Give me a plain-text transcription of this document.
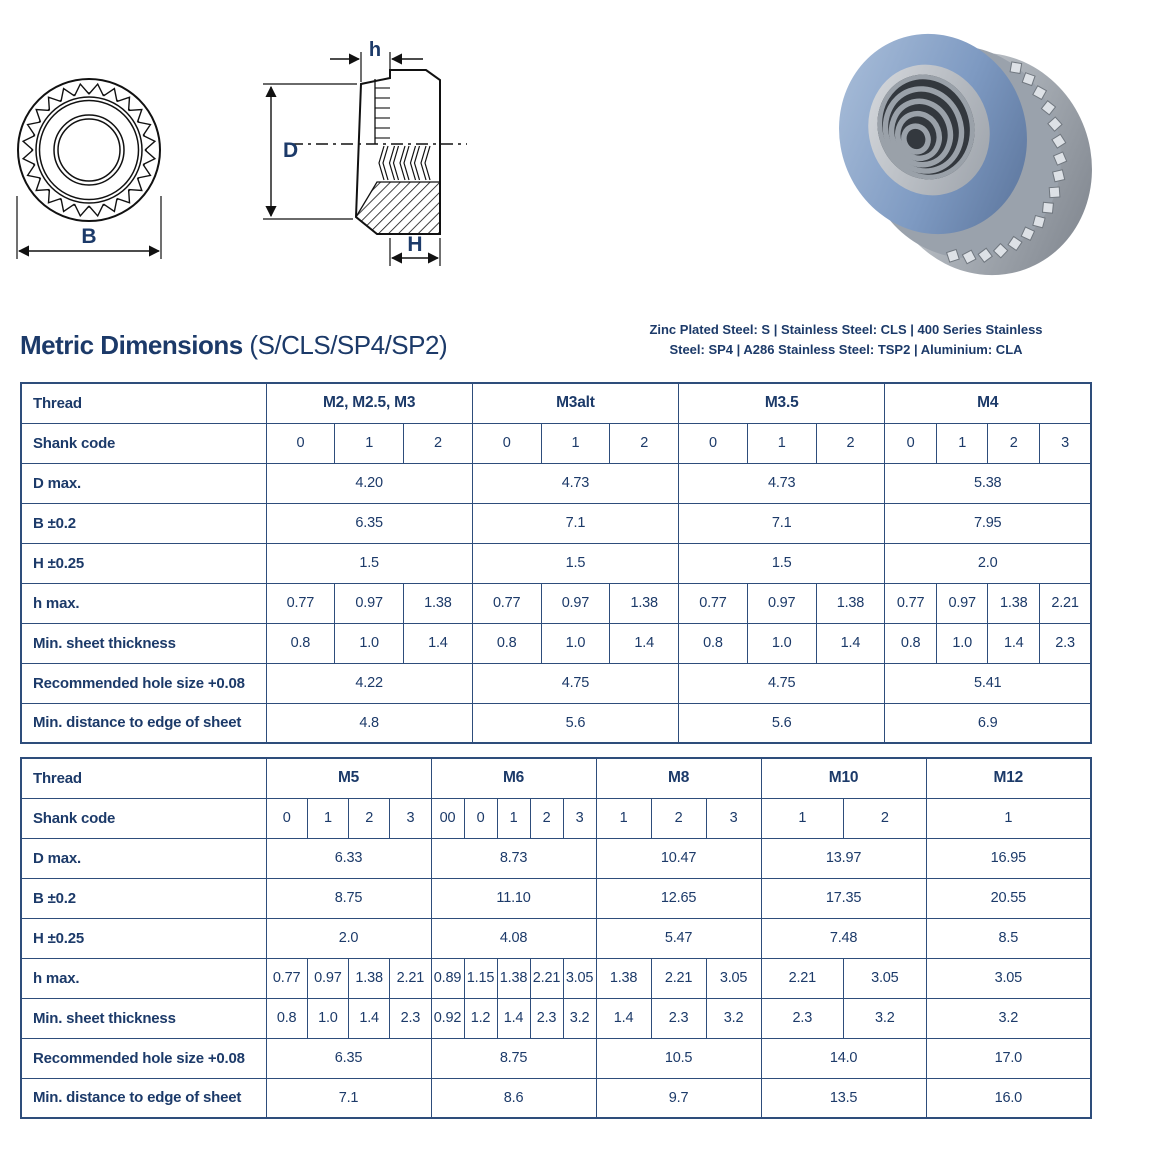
B
D
h
H
Metric Dimensions (S/CLS/SP4/SP2)
Zinc Plated Steel: S | Stainless Steel: CLS | 400 Series Stainless
Steel: SP4 | A286 Stainless Steel: TSP2 | Aluminium: CLA
Thread	M2, M2.5, M3			M3alt			M3.5			M4			
Shank code	0	1	2	0	1	2	0	1	2	0	1	2	3
D max.	4.20			4.73			4.73			5.38			
B ±0.2	6.35			7.1			7.1			7.95			
H ±0.25	1.5			1.5			1.5			2.0			
h max.	0.77	0.97	1.38	0.77	0.97	1.38	0.77	0.97	1.38	0.77	0.97	1.38	2.21
Min. sheet thickness	0.8	1.0	1.4	0.8	1.0	1.4	0.8	1.0	1.4	0.8	1.0	1.4	2.3
Recommended hole size +0.08	4.22			4.75			4.75			5.41			
Min. distance to edge of sheet	4.8			5.6			5.6			6.9			
Thread	M5				M6					M8			M10		M12
Shank code	0	1	2	3	00	0	1	2	3	1	2	3	1	2	1
D max.	6.33				8.73					10.47			13.97		16.95
B ±0.2	8.75				11.10					12.65			17.35		20.55
H ±0.25	2.0				4.08					5.47			7.48		8.5
h max.	0.77	0.97	1.38	2.21	0.89	1.15	1.38	2.21	3.05	1.38	2.21	3.05	2.21	3.05	3.05
Min. sheet thickness	0.8	1.0	1.4	2.3	0.92	1.2	1.4	2.3	3.2	1.4	2.3	3.2	2.3	3.2	3.2
Recommended hole size +0.08	6.35				8.75					10.5			14.0		17.0
Min. distance to edge of sheet	7.1				8.6					9.7			13.5		16.0
